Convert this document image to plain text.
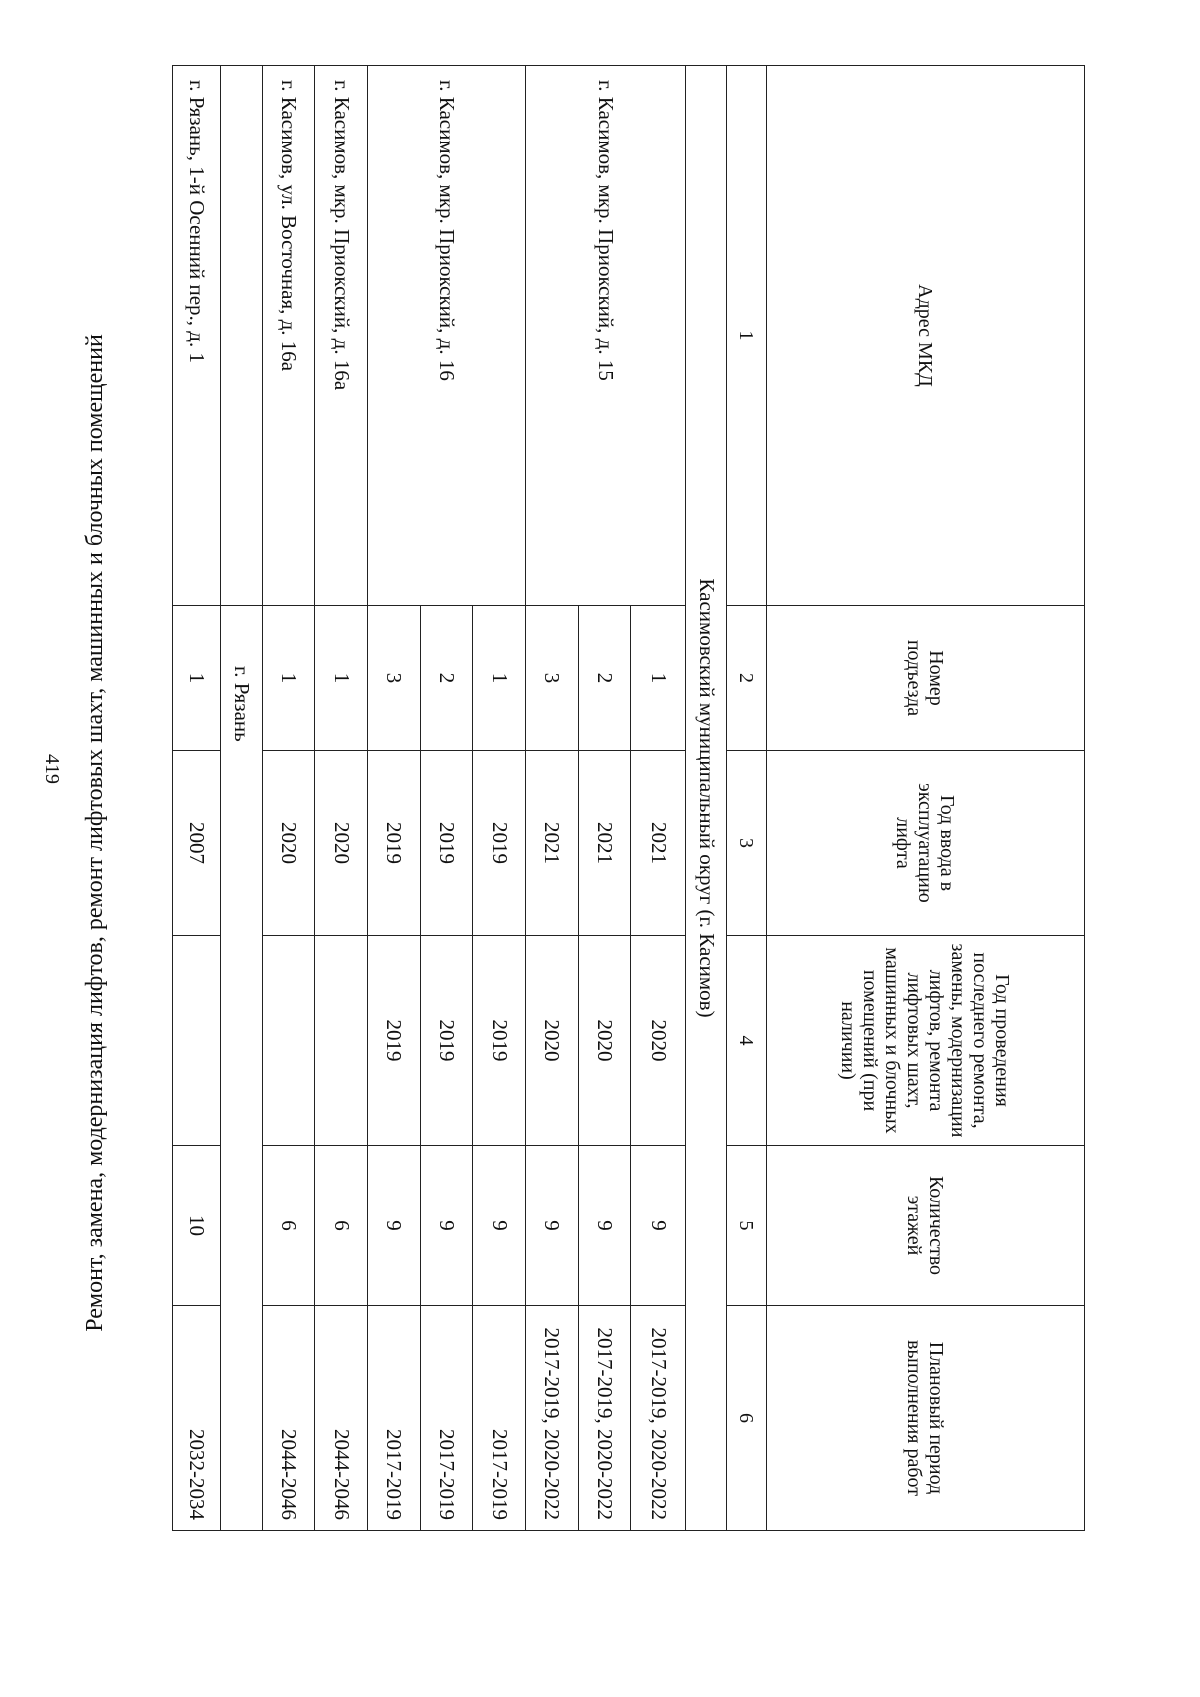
419 Ремонт, замена, модернизация лифтов, ремонт лифтовых шахт, машинных и блочных помещений	Адрес МКД	Номер подъезда	Год ввода в эксплуатацию лифта	Год проведения последнего ремонта, замены, модернизации лифтов, ремонта лифтовых шахт, машинных и блочных помещений (при наличии)	Количество этажей	Плановый период выполнения работ
1	2	3	4	5	6
Касимовский муниципальный округ (г. Касимов)					
г. Касимов, мкр. Приокский, д. 15	1	2021	2020	9	2017-2019, 2020-2022
	2	2021	2020	9	2017-2019, 2020-2022
	3	2021	2020	9	2017-2019, 2020-2022
г. Касимов, мкр. Приокский, д. 16	1	2019	2019	9	2017-2019
	2	2019	2019	9	2017-2019
	3	2019	2019	9	2017-2019
г. Касимов, мкр. Приокский, д. 16а	1	2020		6	2044-2046
г. Касимов, ул. Восточная, д. 16а	1	2020		6	2044-2046
	г. Рязань				
г. Рязань, 1-й Осенний пер., д. 1	1	2007		10	2032-2034
